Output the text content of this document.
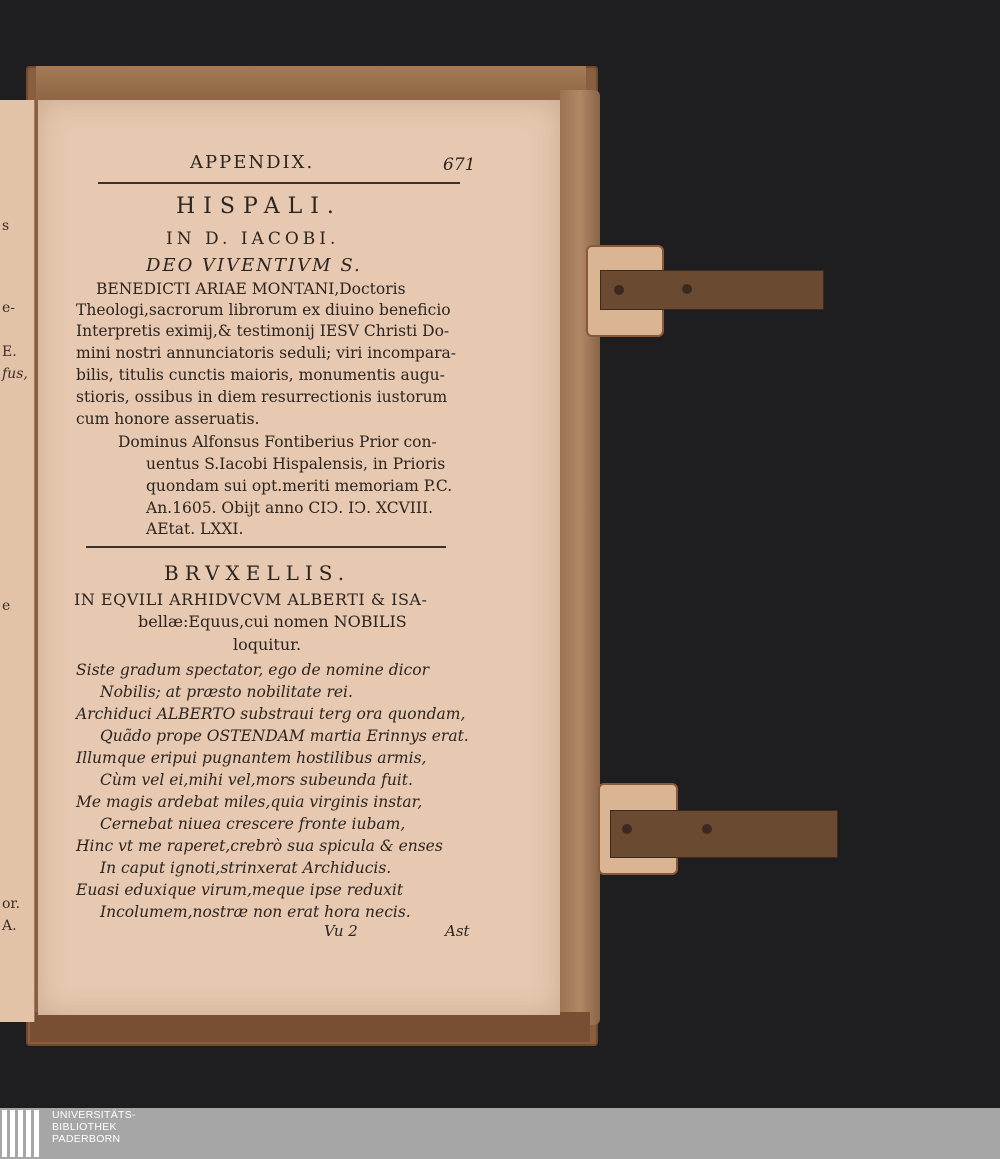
s
e-
E.
fus,
e
or.
A.
APPENDIX.	671
HISPALI.
IN D. IACOBI.
DEO VIVENTIVM S.
BENEDICTI ARIAE MONTANI,Doctoris
Theologi,sacrorum librorum ex diuino beneficio
Interpretis eximij,& testimonij IESV Christi Do-
mini nostri annunciatoris seduli; viri incompara-
bilis, titulis cunctis maioris, monumentis augu-
stioris, ossibus in diem resurrectionis iustorum
cum honore asseruatis.
Dominus Alfonsus Fontiberius Prior con-
uentus S.Iacobi Hispalensis, in Prioris
quondam sui opt.meriti memoriam P.C.
An.1605. Obijt anno CIↃ. IↃ. XCVIII.
AEtat. LXXI.
BRVXELLIS.
IN EQVILI ARHIDVCVM ALBERTI & ISA-
bellæ:Equus,cui nomen NOBILIS
loquitur.
Siste gradum spectator, ego de nomine dicor
Nobilis; at præsto nobilitate rei.
Archiduci ALBERTO substraui terg ora quondam,
Quãdo prope OSTENDAM martia Erinnys erat.
Illumque eripui pugnantem hostilibus armis,
Cùm vel ei,mihi vel,mors subeunda fuit.
Me magis ardebat miles,quia virginis instar,
Cernebat niuea crescere fronte iubam,
Hinc vt me raperet,crebrò sua spicula & enses
In caput ignoti,strinxerat Archiducis.
Euasi eduxique virum,meque ipse reduxit
Incolumem,nostræ non erat hora necis.
Vu 2	Ast
UNIVERSITÄTS-
BIBLIOTHEK
PADERBORN
